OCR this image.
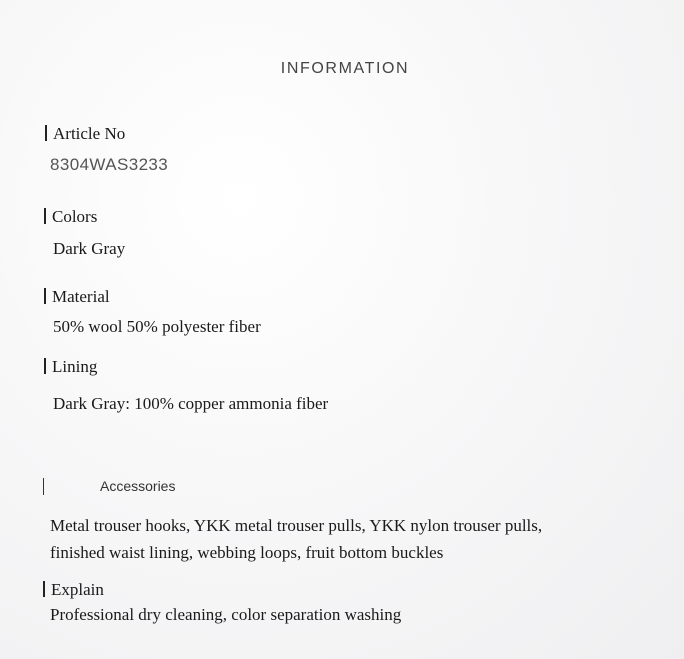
INFORMATION
Article No
8304WAS3233
Colors
Dark Gray
Material
50% wool 50% polyester fiber
Lining
Dark Gray: 100% copper ammonia fiber
Accessories
Metal trouser hooks, YKK metal trouser pulls, YKK nylon trouser pulls,
finished waist lining, webbing loops, fruit bottom buckles
Explain
Professional dry cleaning, color separation washing
